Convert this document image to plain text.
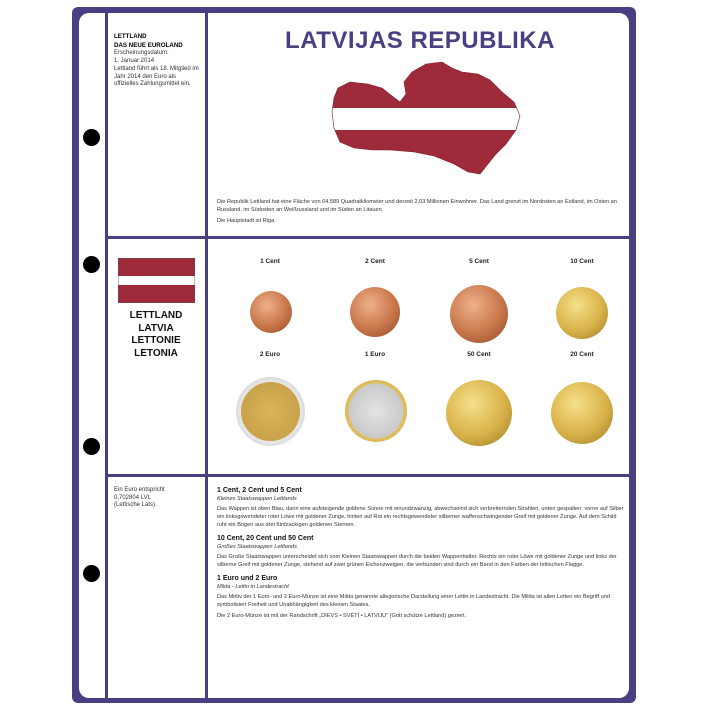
LETTLAND
DAS NEUE EUROLAND
Erscheinungsdatum:
1. Januar 2014
Lettland führt als 18. Mitglied im Jahr 2014 den Euro als offizielles Zahlungsmittel ein.
LATVIJAS REPUBLIKA
Die Republik Lettland hat eine Fläche von 64.589 Quadratkilometer und derzeit 2,03 Millionen Einwohner. Das Land grenzt im Nordosten an Estland, im Osten an Russland, im Südosten an Weißrussland und im Süden an Litauen.
Die Hauptstadt ist Riga.
LETTLAND
LATVIA
LETTONIE
LETONIA
1 Cent	2 Cent	5 Cent	10 Cent
2 Euro	1 Euro	50 Cent	20 Cent
Ein Euro entspricht
0,702804 LVL
(Lettische Lats).
1 Cent, 2 Cent und 5 Cent
Kleines Staatswappen Lettlands
Das Wappen ist oben Blau, darin eine aufsteigende goldene Sonne mit einundzwanzig, abwechselnd sich verbreiternden Strahlen, unten gespalten; vorne auf Silber ein linksgewendeter roter Löwe mit goldener Zunge, hinten auf Rot ein rechtsgewendeter silberner waffenschwingender Greif mit goldener Zunge. Auf dem Schild ruht ein Bogen aus drei fünfzackigen goldenen Sternen.
10 Cent, 20 Cent und 50 Cent
Großes Staatswappen Lettlands
Das Große Staatswappen unterscheidet sich vom Kleinen Staatswappen durch die beiden Wappenhalter. Rechts ein roter Löwe mit goldener Zunge und links der silberne Greif mit goldener Zunge, stehend auf zwei grünen Eichenzweigen, die verbunden sind durch ein Band in den Farben der lettischen Flagge.
1 Euro und 2 Euro
Milda - Lettin in Landestracht
Das Motiv der 1 Euro- und 2 Euro-Münze ist eine Milda genannte allegorische Darstellung einer Lettin in Landestracht. Die Milda ist allen Letten ein Begriff und symbolisiert Freiheit und Unabhängigkeit des kleinen Staates.
Die 2 Euro-Münze ist mit der Randschrift „DIEVS • SVĒTĪ • LATVIJU“ (Gott schütze Lettland) geziert.
